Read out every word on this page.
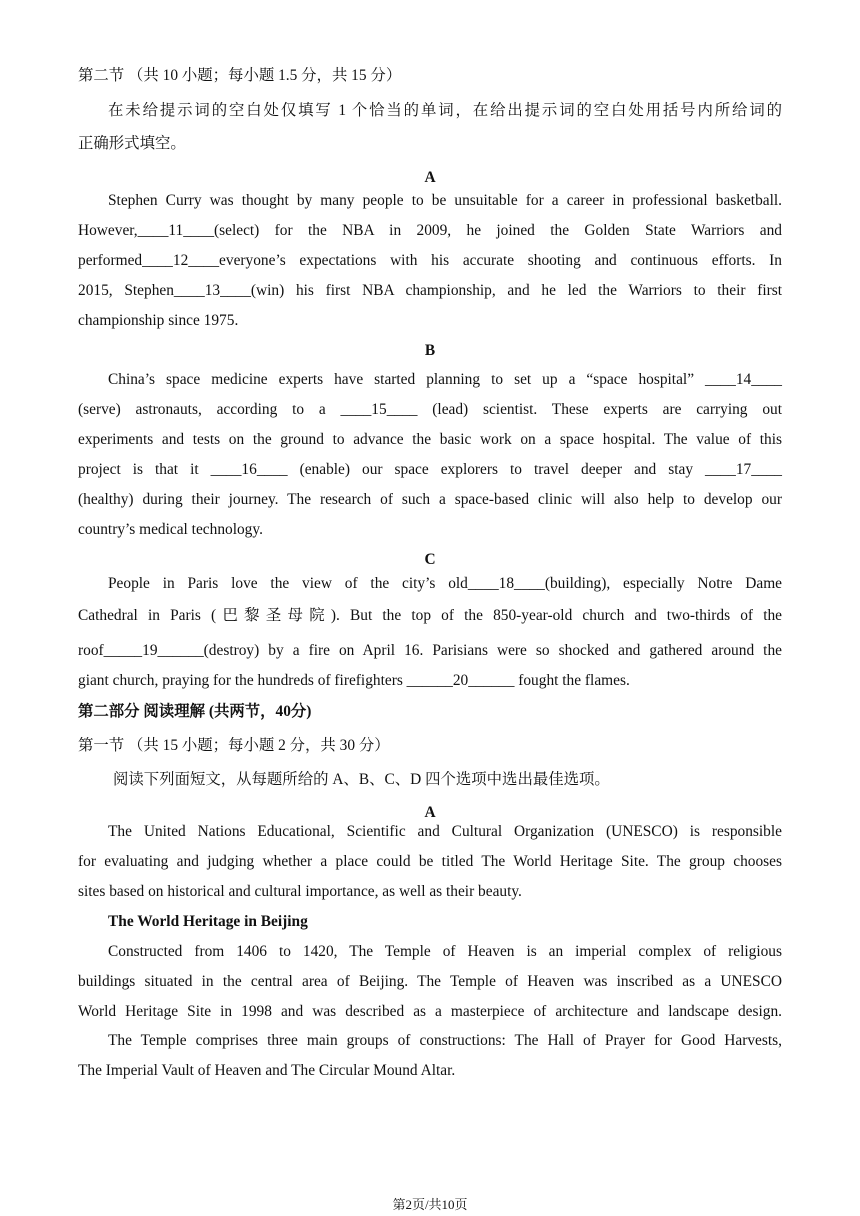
第二节 （共 10 小题；每小题 1.5 分，共 15 分）
在未给提示词的空白处仅填写 1 个恰当的单词，在给出提示词的空白处用括号内所给词的
正确形式填空。
A
Stephen Curry was thought by many people to be unsuitable for a career in professional basketball.
However,____11____(select) for the NBA in 2009, he joined the Golden State Warriors and
performed____12____everyone’s expectations with his accurate shooting and continuous efforts. In
2015, Stephen____13____(win) his first NBA championship, and he led the Warriors to their first
championship since 1975.
B
China’s space medicine experts have started planning to set up a “space hospital” ____14____
(serve) astronauts, according to a ____15____ (lead) scientist. These experts are carrying out
experiments and tests on the ground to advance the basic work on a space hospital. The value of this
project is that it ____16____ (enable) our space explorers to travel deeper and stay ____17____
(healthy) during their journey. The research of such a space-based clinic will also help to develop our
country’s medical technology.
C
People in Paris love the view of the city’s old____18____(building), especially Notre Dame
Cathedral in Paris (巴黎圣母院). But the top of the 850-year-old church and two-thirds of the
roof_____19______(destroy) by a fire on April 16. Parisians were so shocked and gathered around the
giant church, praying for the hundreds of firefighters ______20______ fought the flames.
第二部分 阅读理解 (共两节，40分)
第一节 （共 15 小题；每小题 2 分，共 30 分）
阅读下列面短文，从每题所给的 A、B、C、D 四个选项中选出最佳选项。
A
The United Nations Educational, Scientific and Cultural Organization (UNESCO) is responsible
for evaluating and judging whether a place could be titled The World Heritage Site. The group chooses
sites based on historical and cultural importance, as well as their beauty.
The World Heritage in Beijing
Constructed from 1406 to 1420, The Temple of Heaven is an imperial complex of religious
buildings situated in the central area of Beijing. The Temple of Heaven was inscribed as a UNESCO
World Heritage Site in 1998 and was described as a masterpiece of architecture and landscape design.
The Temple comprises three main groups of constructions: The Hall of Prayer for Good Harvests,
The Imperial Vault of Heaven and The Circular Mound Altar.
第2页/共10页
